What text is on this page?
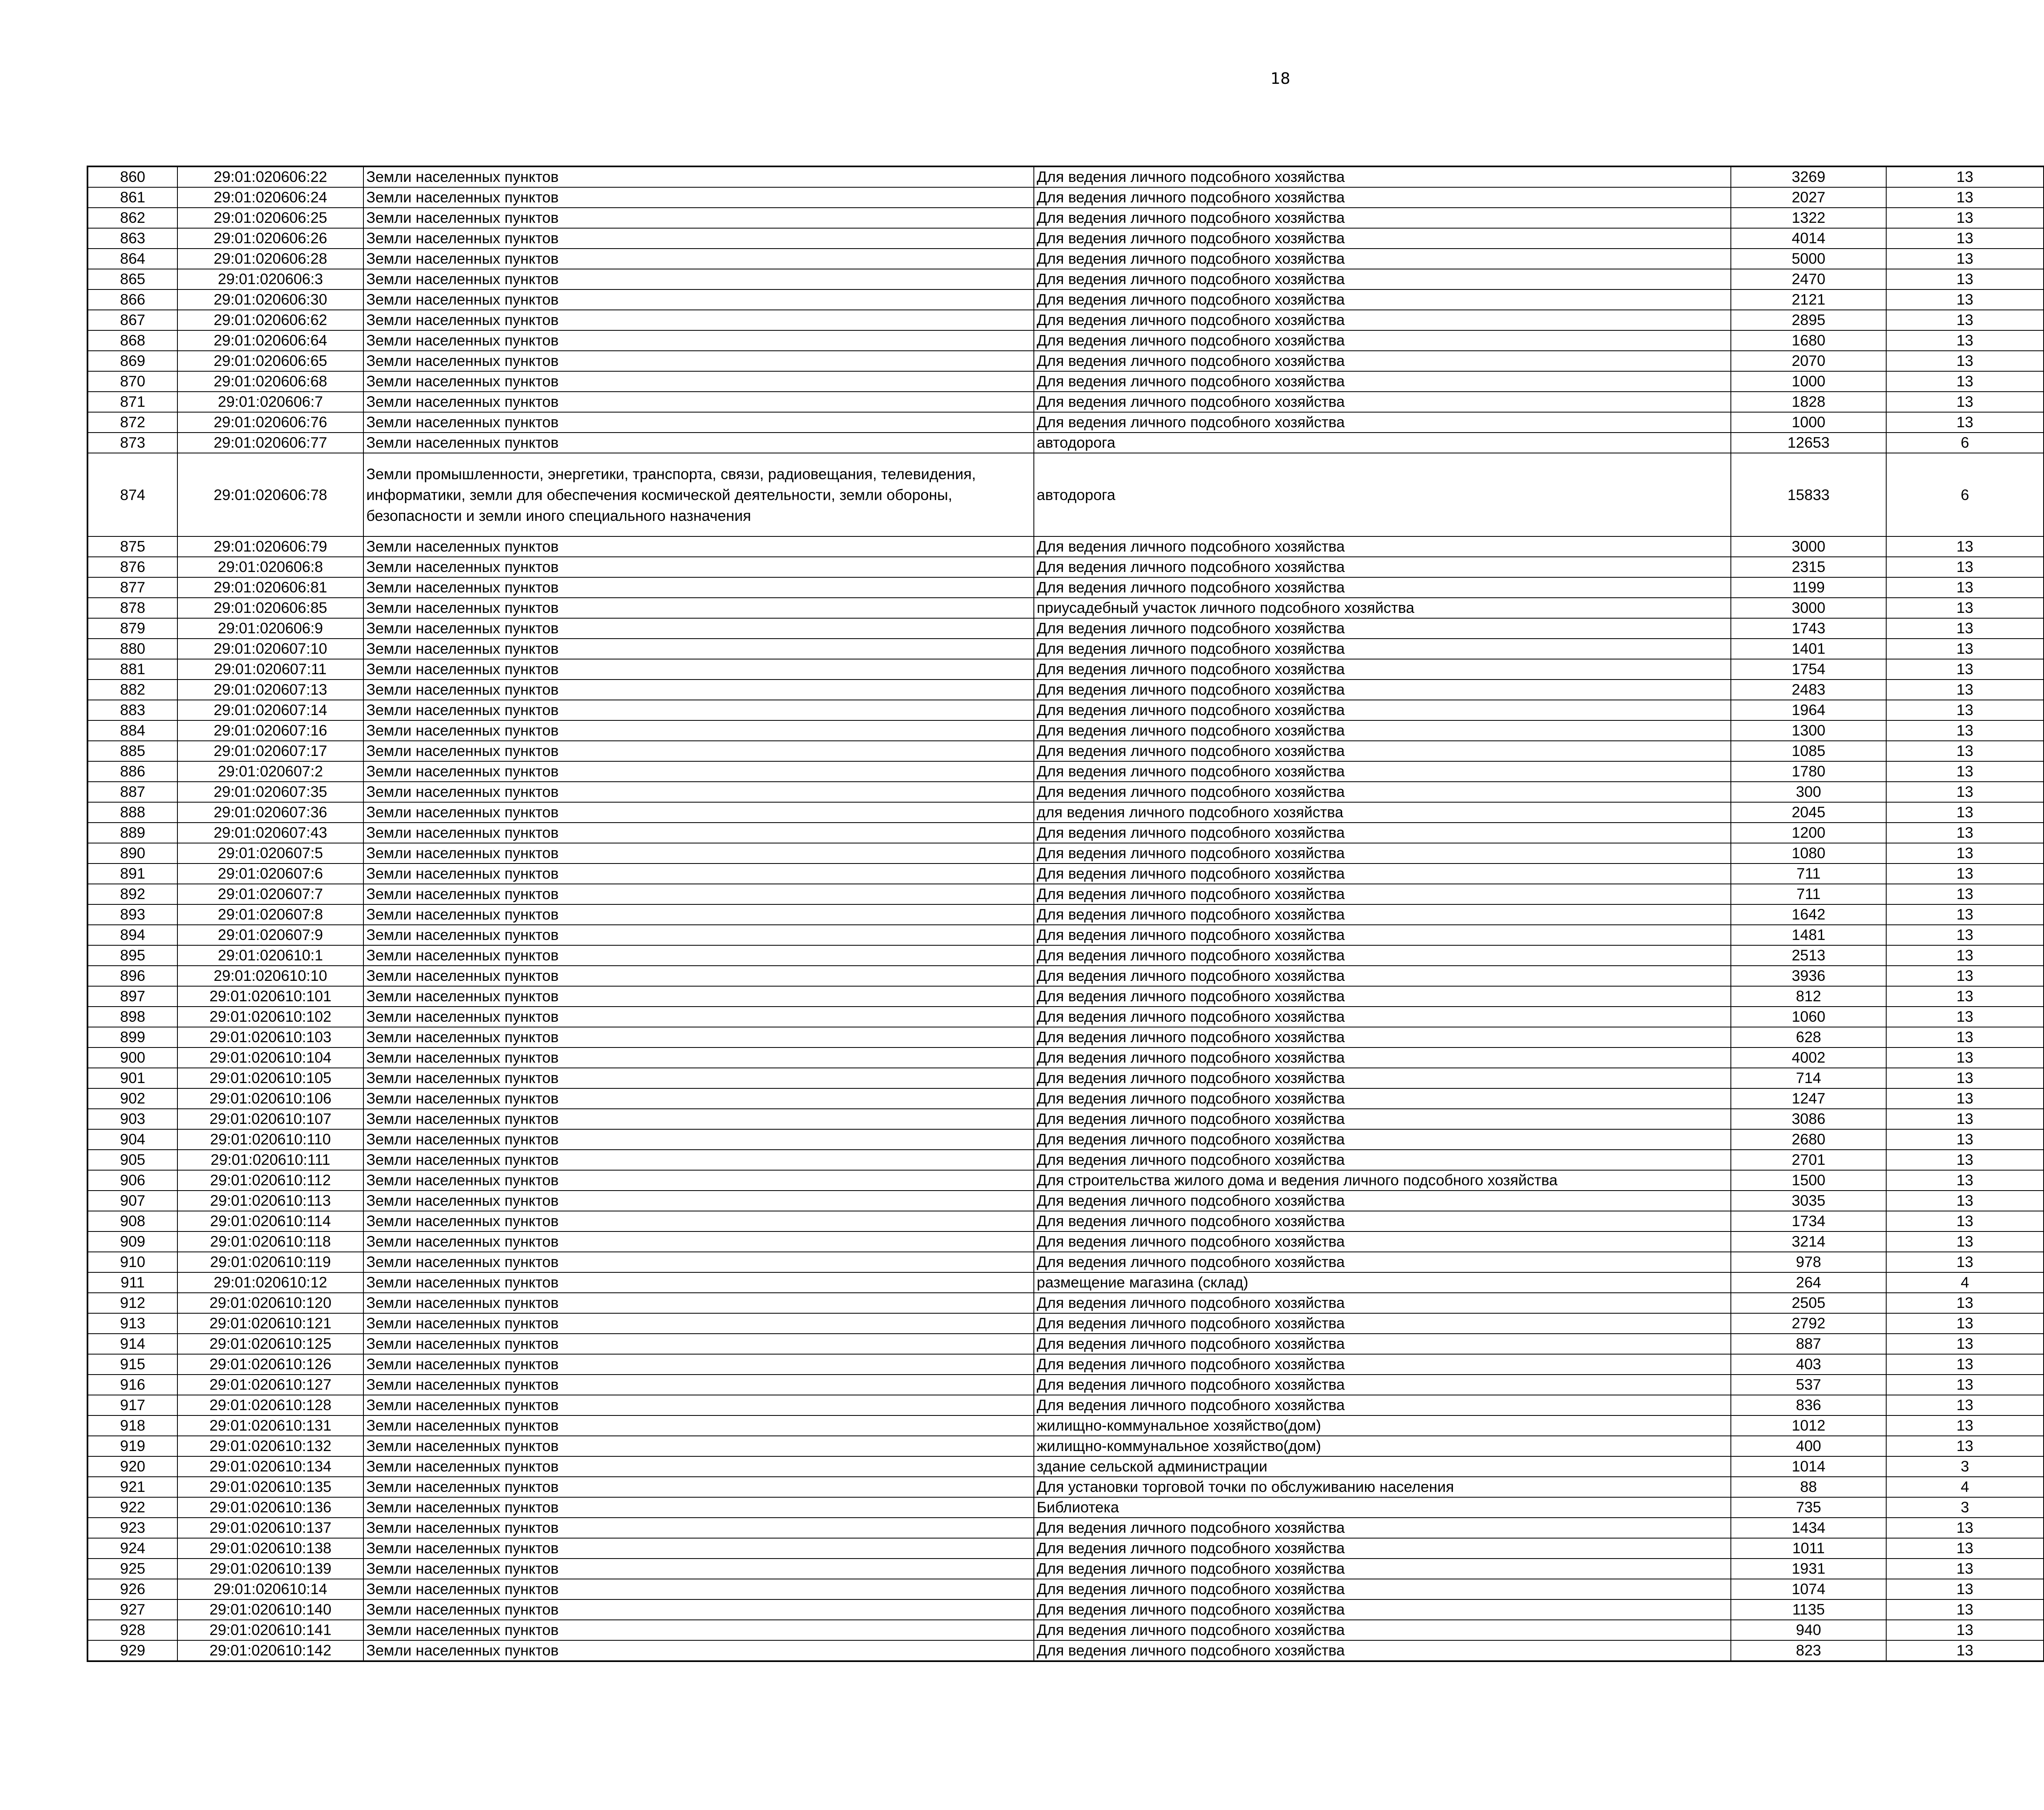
18
860	29:01:020606:22	Земли населенных пунктов	Для ведения личного подсобного хозяйства	3269	13		
861	29:01:020606:24	Земли населенных пунктов	Для ведения личного подсобного хозяйства	2027	13		
862	29:01:020606:25	Земли населенных пунктов	Для ведения личного подсобного хозяйства	1322	13		
863	29:01:020606:26	Земли населенных пунктов	Для ведения личного подсобного хозяйства	4014	13		
864	29:01:020606:28	Земли населенных пунктов	Для ведения личного подсобного хозяйства	5000	13		
865	29:01:020606:3	Земли населенных пунктов	Для ведения личного подсобного хозяйства	2470	13		
866	29:01:020606:30	Земли населенных пунктов	Для ведения личного подсобного хозяйства	2121	13		
867	29:01:020606:62	Земли населенных пунктов	Для ведения личного подсобного хозяйства	2895	13		
868	29:01:020606:64	Земли населенных пунктов	Для ведения личного подсобного хозяйства	1680	13		
869	29:01:020606:65	Земли населенных пунктов	Для ведения личного подсобного хозяйства	2070	13		
870	29:01:020606:68	Земли населенных пунктов	Для ведения личного подсобного хозяйства	1000	13		
871	29:01:020606:7	Земли населенных пунктов	Для ведения личного подсобного хозяйства	1828	13		
872	29:01:020606:76	Земли населенных пунктов	Для ведения личного подсобного хозяйства	1000	13		
873	29:01:020606:77	Земли населенных пунктов	автодорога	12653	6		
874	29:01:020606:78	Земли промышленности, энергетики, транспорта, связи, радиовещания, телевидения, информатики, земли для обеспечения космической деятельности, земли обороны, безопасности и земли иного специального назначения	автодорога	15833	6		
875	29:01:020606:79	Земли населенных пунктов	Для ведения личного подсобного хозяйства	3000	13		
876	29:01:020606:8	Земли населенных пунктов	Для ведения личного подсобного хозяйства	2315	13		
877	29:01:020606:81	Земли населенных пунктов	Для ведения личного подсобного хозяйства	1199	13		
878	29:01:020606:85	Земли населенных пунктов	приусадебный участок личного подсобного хозяйства	3000	13		
879	29:01:020606:9	Земли населенных пунктов	Для ведения личного подсобного хозяйства	1743	13		
880	29:01:020607:10	Земли населенных пунктов	Для ведения личного подсобного хозяйства	1401	13		
881	29:01:020607:11	Земли населенных пунктов	Для ведения личного подсобного хозяйства	1754	13		
882	29:01:020607:13	Земли населенных пунктов	Для ведения личного подсобного хозяйства	2483	13		
883	29:01:020607:14	Земли населенных пунктов	Для ведения личного подсобного хозяйства	1964	13		
884	29:01:020607:16	Земли населенных пунктов	Для ведения личного подсобного хозяйства	1300	13		
885	29:01:020607:17	Земли населенных пунктов	Для ведения личного подсобного хозяйства	1085	13		
886	29:01:020607:2	Земли населенных пунктов	Для ведения личного подсобного хозяйства	1780	13		
887	29:01:020607:35	Земли населенных пунктов	Для ведения личного подсобного хозяйства	300	13		
888	29:01:020607:36	Земли населенных пунктов	для ведения личного подсобного хозяйства	2045	13		
889	29:01:020607:43	Земли населенных пунктов	Для ведения личного подсобного хозяйства	1200	13		
890	29:01:020607:5	Земли населенных пунктов	Для ведения личного подсобного хозяйства	1080	13		
891	29:01:020607:6	Земли населенных пунктов	Для ведения личного подсобного хозяйства	711	13		
892	29:01:020607:7	Земли населенных пунктов	Для ведения личного подсобного хозяйства	711	13		
893	29:01:020607:8	Земли населенных пунктов	Для ведения личного подсобного хозяйства	1642	13		
894	29:01:020607:9	Земли населенных пунктов	Для ведения личного подсобного хозяйства	1481	13		
895	29:01:020610:1	Земли населенных пунктов	Для ведения личного подсобного хозяйства	2513	13		
896	29:01:020610:10	Земли населенных пунктов	Для ведения личного подсобного хозяйства	3936	13		
897	29:01:020610:101	Земли населенных пунктов	Для ведения личного подсобного хозяйства	812	13		
898	29:01:020610:102	Земли населенных пунктов	Для ведения личного подсобного хозяйства	1060	13		
899	29:01:020610:103	Земли населенных пунктов	Для ведения личного подсобного хозяйства	628	13		
900	29:01:020610:104	Земли населенных пунктов	Для ведения личного подсобного хозяйства	4002	13		
901	29:01:020610:105	Земли населенных пунктов	Для ведения личного подсобного хозяйства	714	13		
902	29:01:020610:106	Земли населенных пунктов	Для ведения личного подсобного хозяйства	1247	13		
903	29:01:020610:107	Земли населенных пунктов	Для ведения личного подсобного хозяйства	3086	13		
904	29:01:020610:110	Земли населенных пунктов	Для ведения личного подсобного хозяйства	2680	13		
905	29:01:020610:111	Земли населенных пунктов	Для ведения личного подсобного хозяйства	2701	13		
906	29:01:020610:112	Земли населенных пунктов	Для строительства жилого дома и ведения личного подсобного хозяйства	1500	13		
907	29:01:020610:113	Земли населенных пунктов	Для ведения личного подсобного хозяйства	3035	13		
908	29:01:020610:114	Земли населенных пунктов	Для ведения личного подсобного хозяйства	1734	13		
909	29:01:020610:118	Земли населенных пунктов	Для ведения личного подсобного хозяйства	3214	13		
910	29:01:020610:119	Земли населенных пунктов	Для ведения личного подсобного хозяйства	978	13		
911	29:01:020610:12	Земли населенных пунктов	размещение магазина (склад)	264	4		
912	29:01:020610:120	Земли населенных пунктов	Для ведения личного подсобного хозяйства	2505	13		
913	29:01:020610:121	Земли населенных пунктов	Для ведения личного подсобного хозяйства	2792	13		
914	29:01:020610:125	Земли населенных пунктов	Для ведения личного подсобного хозяйства	887	13		
915	29:01:020610:126	Земли населенных пунктов	Для ведения личного подсобного хозяйства	403	13		
916	29:01:020610:127	Земли населенных пунктов	Для ведения личного подсобного хозяйства	537	13		
917	29:01:020610:128	Земли населенных пунктов	Для ведения личного подсобного хозяйства	836	13		
918	29:01:020610:131	Земли населенных пунктов	жилищно-коммунальное хозяйство(дом)	1012	13		
919	29:01:020610:132	Земли населенных пунктов	жилищно-коммунальное хозяйство(дом)	400	13		
920	29:01:020610:134	Земли населенных пунктов	здание сельской администрации	1014	3		
921	29:01:020610:135	Земли населенных пунктов	Для установки торговой точки по обслуживанию населения	88	4		
922	29:01:020610:136	Земли населенных пунктов	Библиотека	735	3		
923	29:01:020610:137	Земли населенных пунктов	Для ведения личного подсобного хозяйства	1434	13		
924	29:01:020610:138	Земли населенных пунктов	Для ведения личного подсобного хозяйства	1011	13		
925	29:01:020610:139	Земли населенных пунктов	Для ведения личного подсобного хозяйства	1931	13		
926	29:01:020610:14	Земли населенных пунктов	Для ведения личного подсобного хозяйства	1074	13		
927	29:01:020610:140	Земли населенных пунктов	Для ведения личного подсобного хозяйства	1135	13		
928	29:01:020610:141	Земли населенных пунктов	Для ведения личного подсобного хозяйства	940	13		
929	29:01:020610:142	Земли населенных пунктов	Для ведения личного подсобного хозяйства	823	13		
